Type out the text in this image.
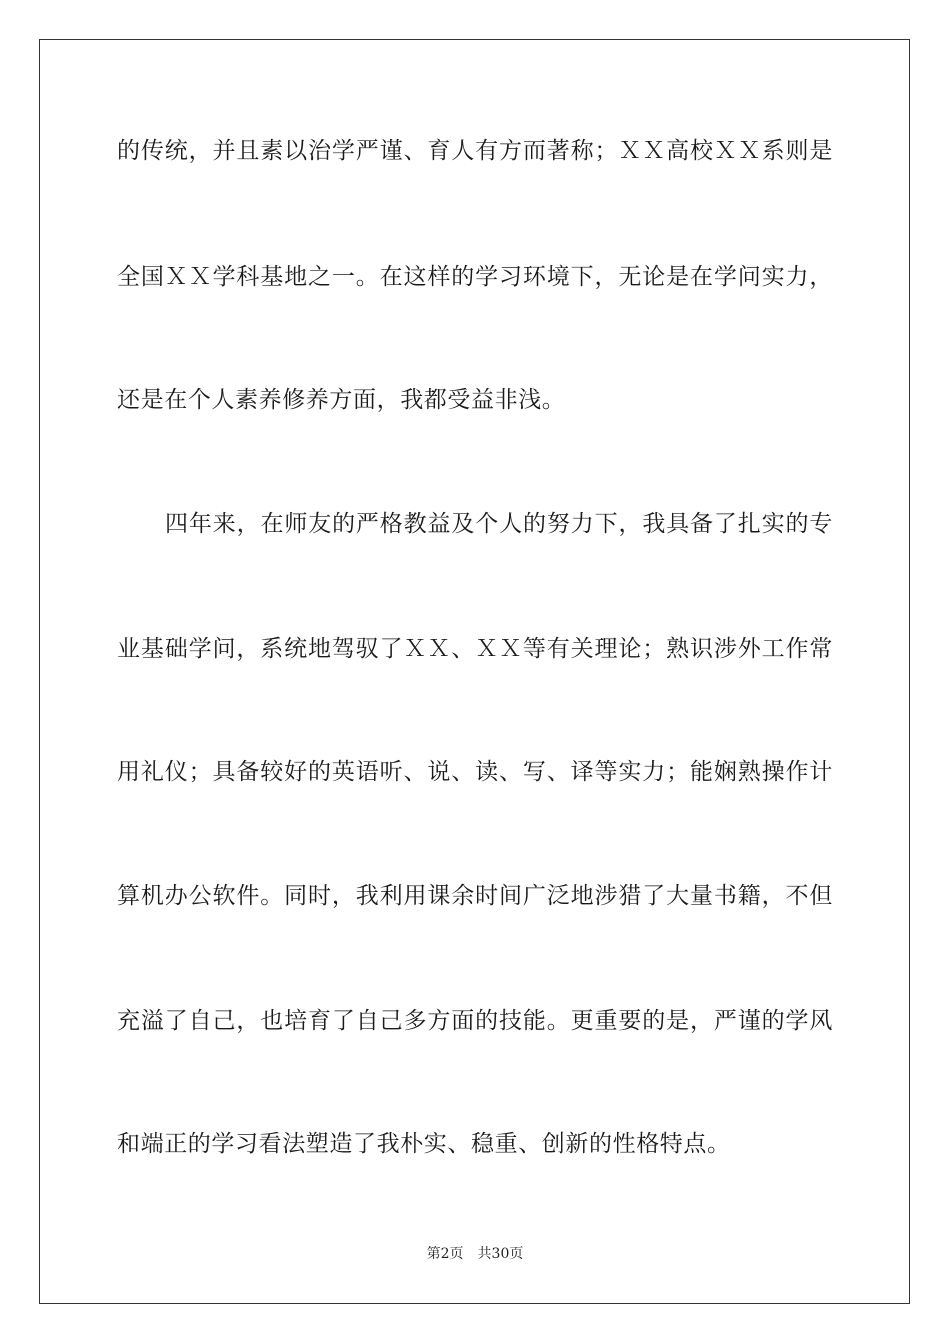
的传统，并且素以治学严谨、育人有方而著称；ＸＸ高校ＸＸ系则是
全国ＸＸ学科基地之一。在这样的学习环境下，无论是在学问实力，
还是在个人素养修养方面，我都受益非浅。
四年来，在师友的严格教益及个人的努力下，我具备了扎实的专
业基础学问，系统地驾驭了ＸＸ、ＸＸ等有关理论；熟识涉外工作常
用礼仪；具备较好的英语听、说、读、写、译等实力；能娴熟操作计
算机办公软件。同时，我利用课余时间广泛地涉猎了大量书籍，不但
充溢了自己，也培育了自己多方面的技能。更重要的是，严谨的学风
和端正的学习看法塑造了我朴实、稳重、创新的性格特点。
第2页 共30页
